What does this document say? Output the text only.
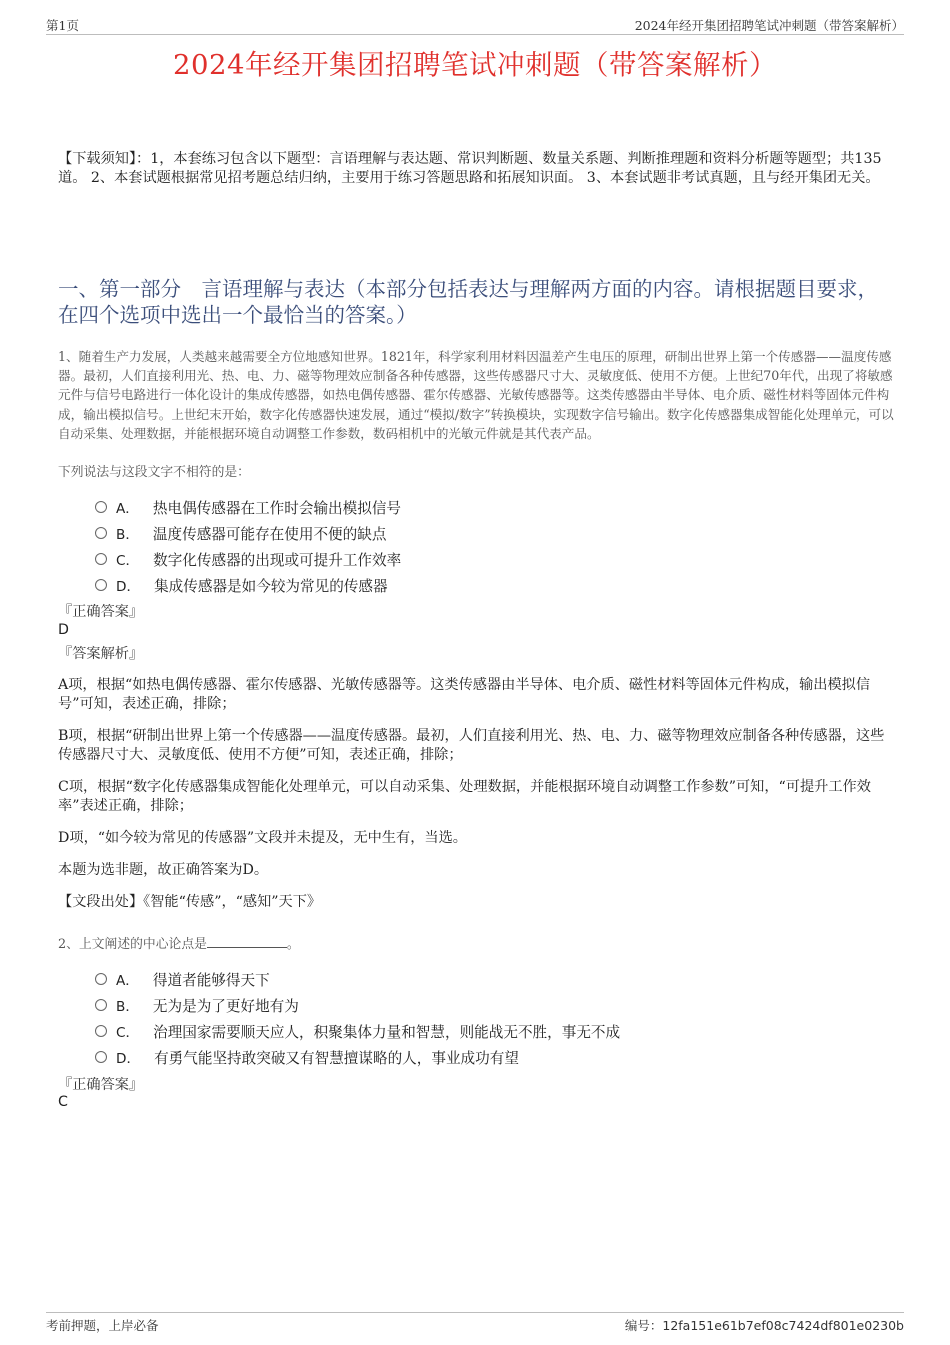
第1页	2024年经开集团招聘笔试冲刺题（带答案解析）
2024年经开集团招聘笔试冲刺题（带答案解析）
【下载须知】：1，本套练习包含以下题型：言语理解与表达题、常识判断题、数量关系题、判断推理题和资料分析题等题型；共135道。 2、本套试题根据常见招考题总结归纳，主要用于练习答题思路和拓展知识面。 3、本套试题非考试真题，且与经开集团无关。
一、第一部分　言语理解与表达（本部分包括表达与理解两方面的内容。请根据题目要求，在四个选项中选出一个最恰当的答案。）
1、随着生产力发展，人类越来越需要全方位地感知世界。1821年，科学家利用材料因温差产生电压的原理，研制出世界上第一个传感器——温度传感器。最初，人们直接利用光、热、电、力、磁等物理效应制备各种传感器，这些传感器尺寸大、灵敏度低、使用不方便。上世纪70年代，出现了将敏感元件与信号电路进行一体化设计的集成传感器，如热电偶传感器、霍尔传感器、光敏传感器等。这类传感器由半导体、电介质、磁性材料等固体元件构成，输出模拟信号。上世纪末开始，数字化传感器快速发展，通过“模拟/数字”转换模块，实现数字信号输出。数字化传感器集成智能化处理单元，可以自动采集、处理数据，并能根据环境自动调整工作参数，数码相机中的光敏元件就是其代表产品。
下列说法与这段文字不相符的是：
A． 热电偶传感器在工作时会输出模拟信号
B． 温度传感器可能存在使用不便的缺点
C． 数字化传感器的出现或可提升工作效率
D． 集成传感器是如今较为常见的传感器
『正确答案』
D
『答案解析』

A项，根据“如热电偶传感器、霍尔传感器、光敏传感器等。这类传感器由半导体、电介质、磁性材料等固体元件构成，输出模拟信号”可知，表述正确，排除；

B项，根据“研制出世界上第一个传感器——温度传感器。最初，人们直接利用光、热、电、力、磁等物理效应制备各种传感器，这些传感器尺寸大、灵敏度低、使用不方便”可知，表述正确，排除；

C项，根据“数字化传感器集成智能化处理单元，可以自动采集、处理数据，并能根据环境自动调整工作参数”可知，“可提升工作效率”表述正确，排除；

D项，“如今较为常见的传感器”文段并未提及，无中生有，当选。

本题为选非题，故正确答案为D。

【文段出处】《智能“传感”，“感知”天下》

2、上文阐述的中心论点是	。
A． 得道者能够得天下
B． 无为是为了更好地有为
C． 治理国家需要顺天应人，积聚集体力量和智慧，则能战无不胜，事无不成
D． 有勇气能坚持敢突破又有智慧擅谋略的人，事业成功有望
『正确答案』
C
考前押题，上岸必备	编号：12fa151e61b7ef08c7424df801e0230b
